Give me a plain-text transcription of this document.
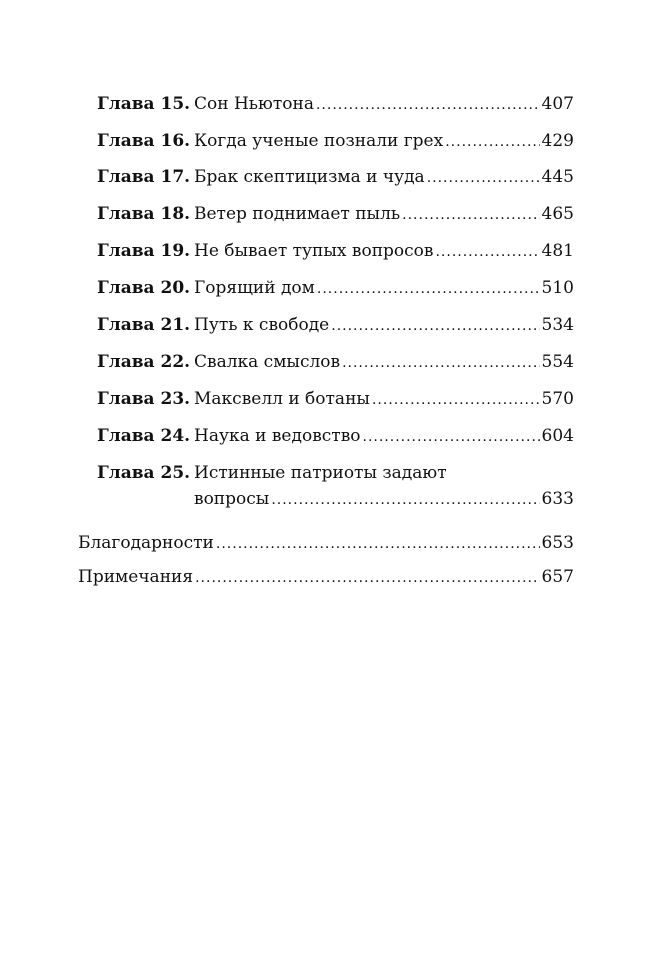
Глава 15. Сон Ньютона .....	407
Глава 16. Когда ученые познали грех .....	429
Глава 17. Брак скептицизма и чуда .....	445
Глава 18. Ветер поднимает пыль .....	465
Глава 19. Не бывает тупых вопросов .....	481
Глава 20. Горящий дом .....	510
Глава 21. Путь к свободе .....	534
Глава 22. Свалка смыслов .....	554
Глава 23. Максвелл и ботаны .....	570
Глава 24. Наука и ведовство .....	604
Глава 25. Истинные патриоты задают
вопросы .....	633
Благодарности .....	653
Примечания .....	657
